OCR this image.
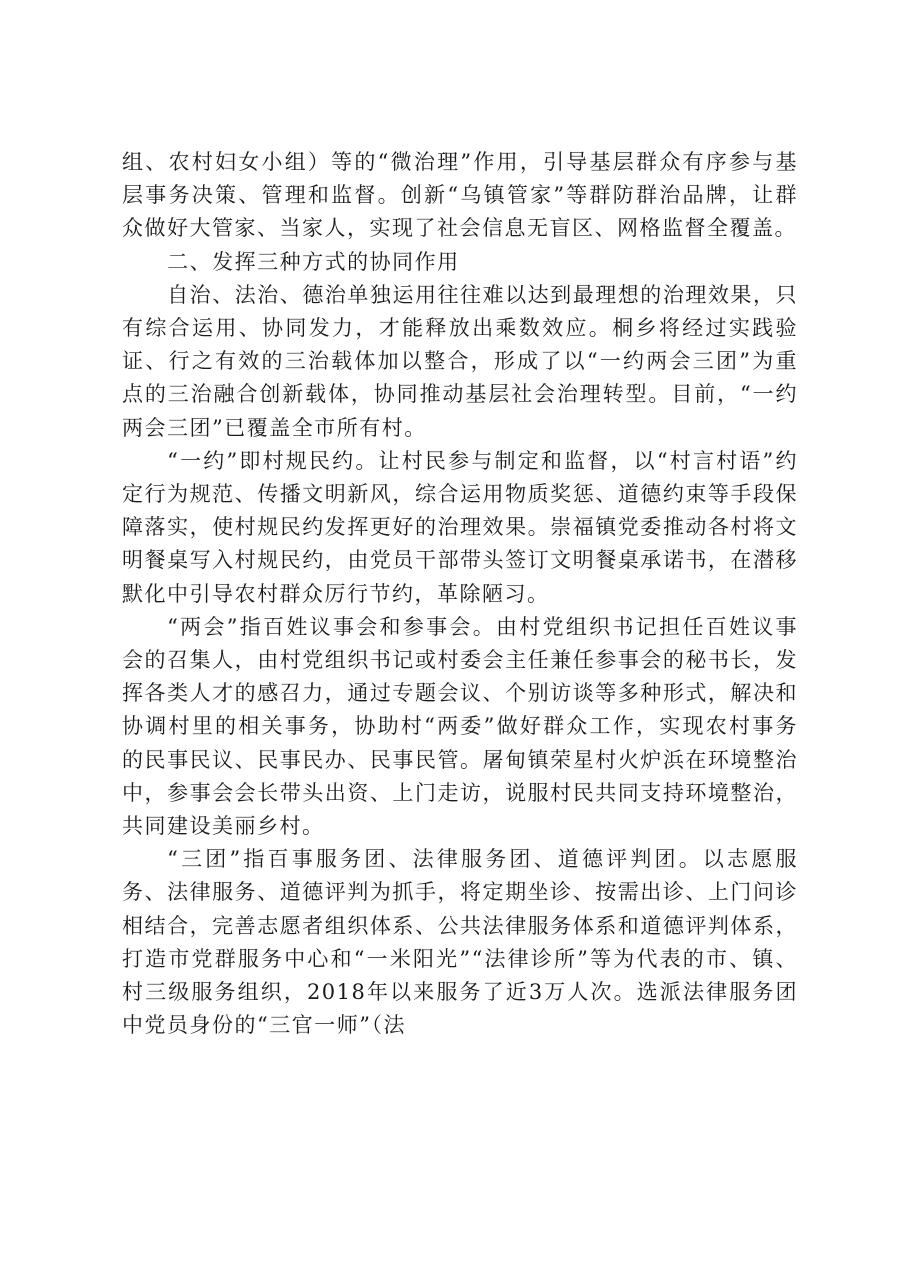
组、农村妇女小组）等的“微治理”作用，引导基层群众有序参与基层事务决策、管理和监督。创新“乌镇管家”等群防群治品牌，让群众做好大管家、当家人，实现了社会信息无盲区、网格监督全覆盖。

二、发挥三种方式的协同作用

自治、法治、德治单独运用往往难以达到最理想的治理效果，只有综合运用、协同发力，才能释放出乘数效应。桐乡将经过实践验证、行之有效的三治载体加以整合，形成了以“一约两会三团”为重点的三治融合创新载体，协同推动基层社会治理转型。目前，“一约两会三团”已覆盖全市所有村。

“一约”即村规民约。让村民参与制定和监督，以“村言村语”约定行为规范、传播文明新风，综合运用物质奖惩、道德约束等手段保障落实，使村规民约发挥更好的治理效果。崇福镇党委推动各村将文明餐桌写入村规民约，由党员干部带头签订文明餐桌承诺书，在潜移默化中引导农村群众厉行节约，革除陋习。

“两会”指百姓议事会和参事会。由村党组织书记担任百姓议事会的召集人，由村党组织书记或村委会主任兼任参事会的秘书长，发挥各类人才的感召力，通过专题会议、个别访谈等多种形式，解决和协调村里的相关事务，协助村“两委”做好群众工作，实现农村事务的民事民议、民事民办、民事民管。屠甸镇荣星村火炉浜在环境整治中，参事会会长带头出资、上门走访，说服村民共同支持环境整治，共同建设美丽乡村。

“三团”指百事服务团、法律服务团、道德评判团。以志愿服务、法律服务、道德评判为抓手，将定期坐诊、按需出诊、上门问诊相结合，完善志愿者组织体系、公共法律服务体系和道德评判体系，打造市党群服务中心和“一米阳光”“法律诊所”等为代表的市、镇、村三级服务组织，2018年以来服务了近3万人次。选派法律服务团中党员身份的“三官一师”（法
